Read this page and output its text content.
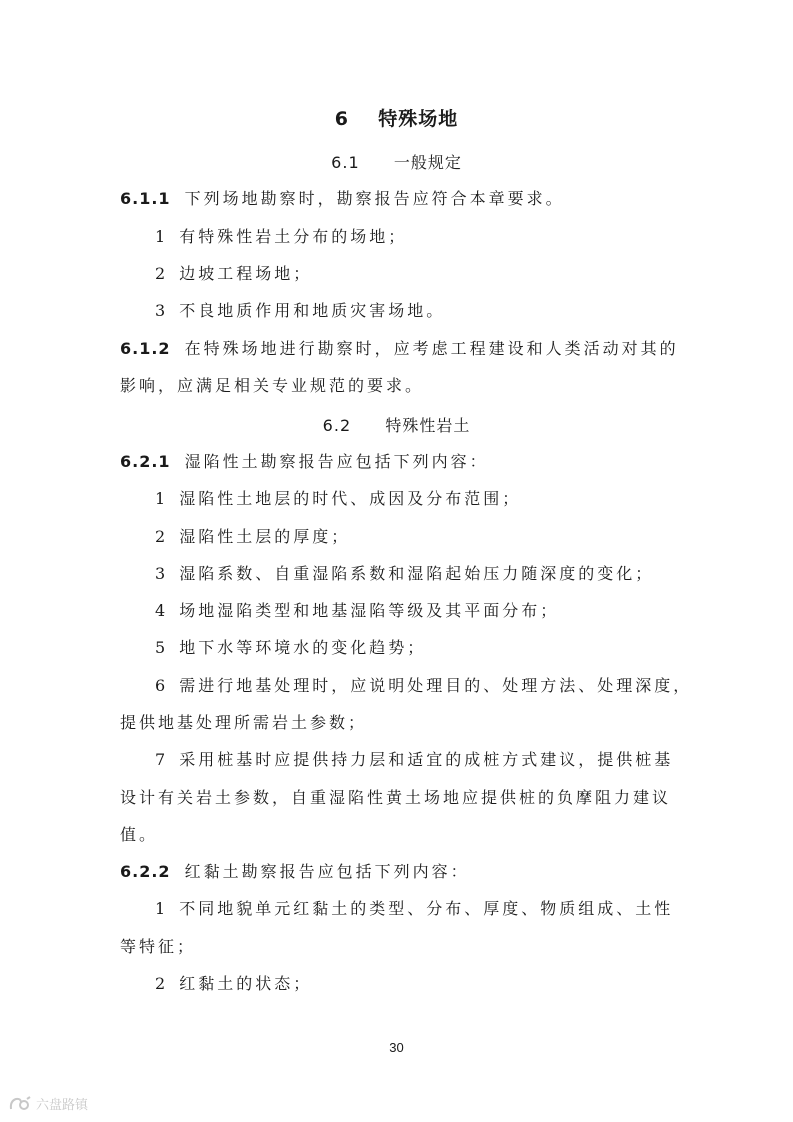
6 特殊场地
6.1 一般规定
6.1.1 下列场地勘察时，勘察报告应符合本章要求。
1 有特殊性岩土分布的场地；
2 边坡工程场地；
3 不良地质作用和地质灾害场地。
6.1.2 在特殊场地进行勘察时，应考虑工程建设和人类活动对其的
影响，应满足相关专业规范的要求。
6.2 特殊性岩土
6.2.1 湿陷性土勘察报告应包括下列内容：
1 湿陷性土地层的时代、成因及分布范围；
2 湿陷性土层的厚度；
3 湿陷系数、自重湿陷系数和湿陷起始压力随深度的变化；
4 场地湿陷类型和地基湿陷等级及其平面分布；
5 地下水等环境水的变化趋势；
6 需进行地基处理时，应说明处理目的、处理方法、处理深度，
提供地基处理所需岩土参数；
7 采用桩基时应提供持力层和适宜的成桩方式建议，提供桩基
设计有关岩土参数，自重湿陷性黄土场地应提供桩的负摩阻力建议
值。
6.2.2 红黏土勘察报告应包括下列内容：
1 不同地貌单元红黏土的类型、分布、厚度、物质组成、土性
等特征；
2 红黏土的状态；
30
六盘路镇
